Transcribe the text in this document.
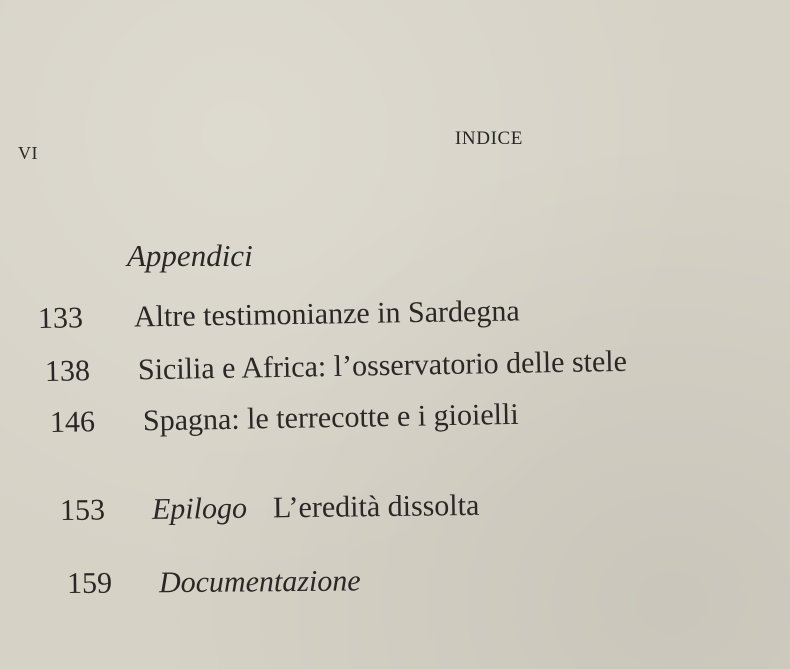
VI
INDICE
Appendici
133 Altre testimonianze in Sardegna
138 Sicilia e Africa: l’osservatorio delle stele
146 Spagna: le terrecotte e i gioielli
153 Epilogo L’eredità dissolta
159 Documentazione
